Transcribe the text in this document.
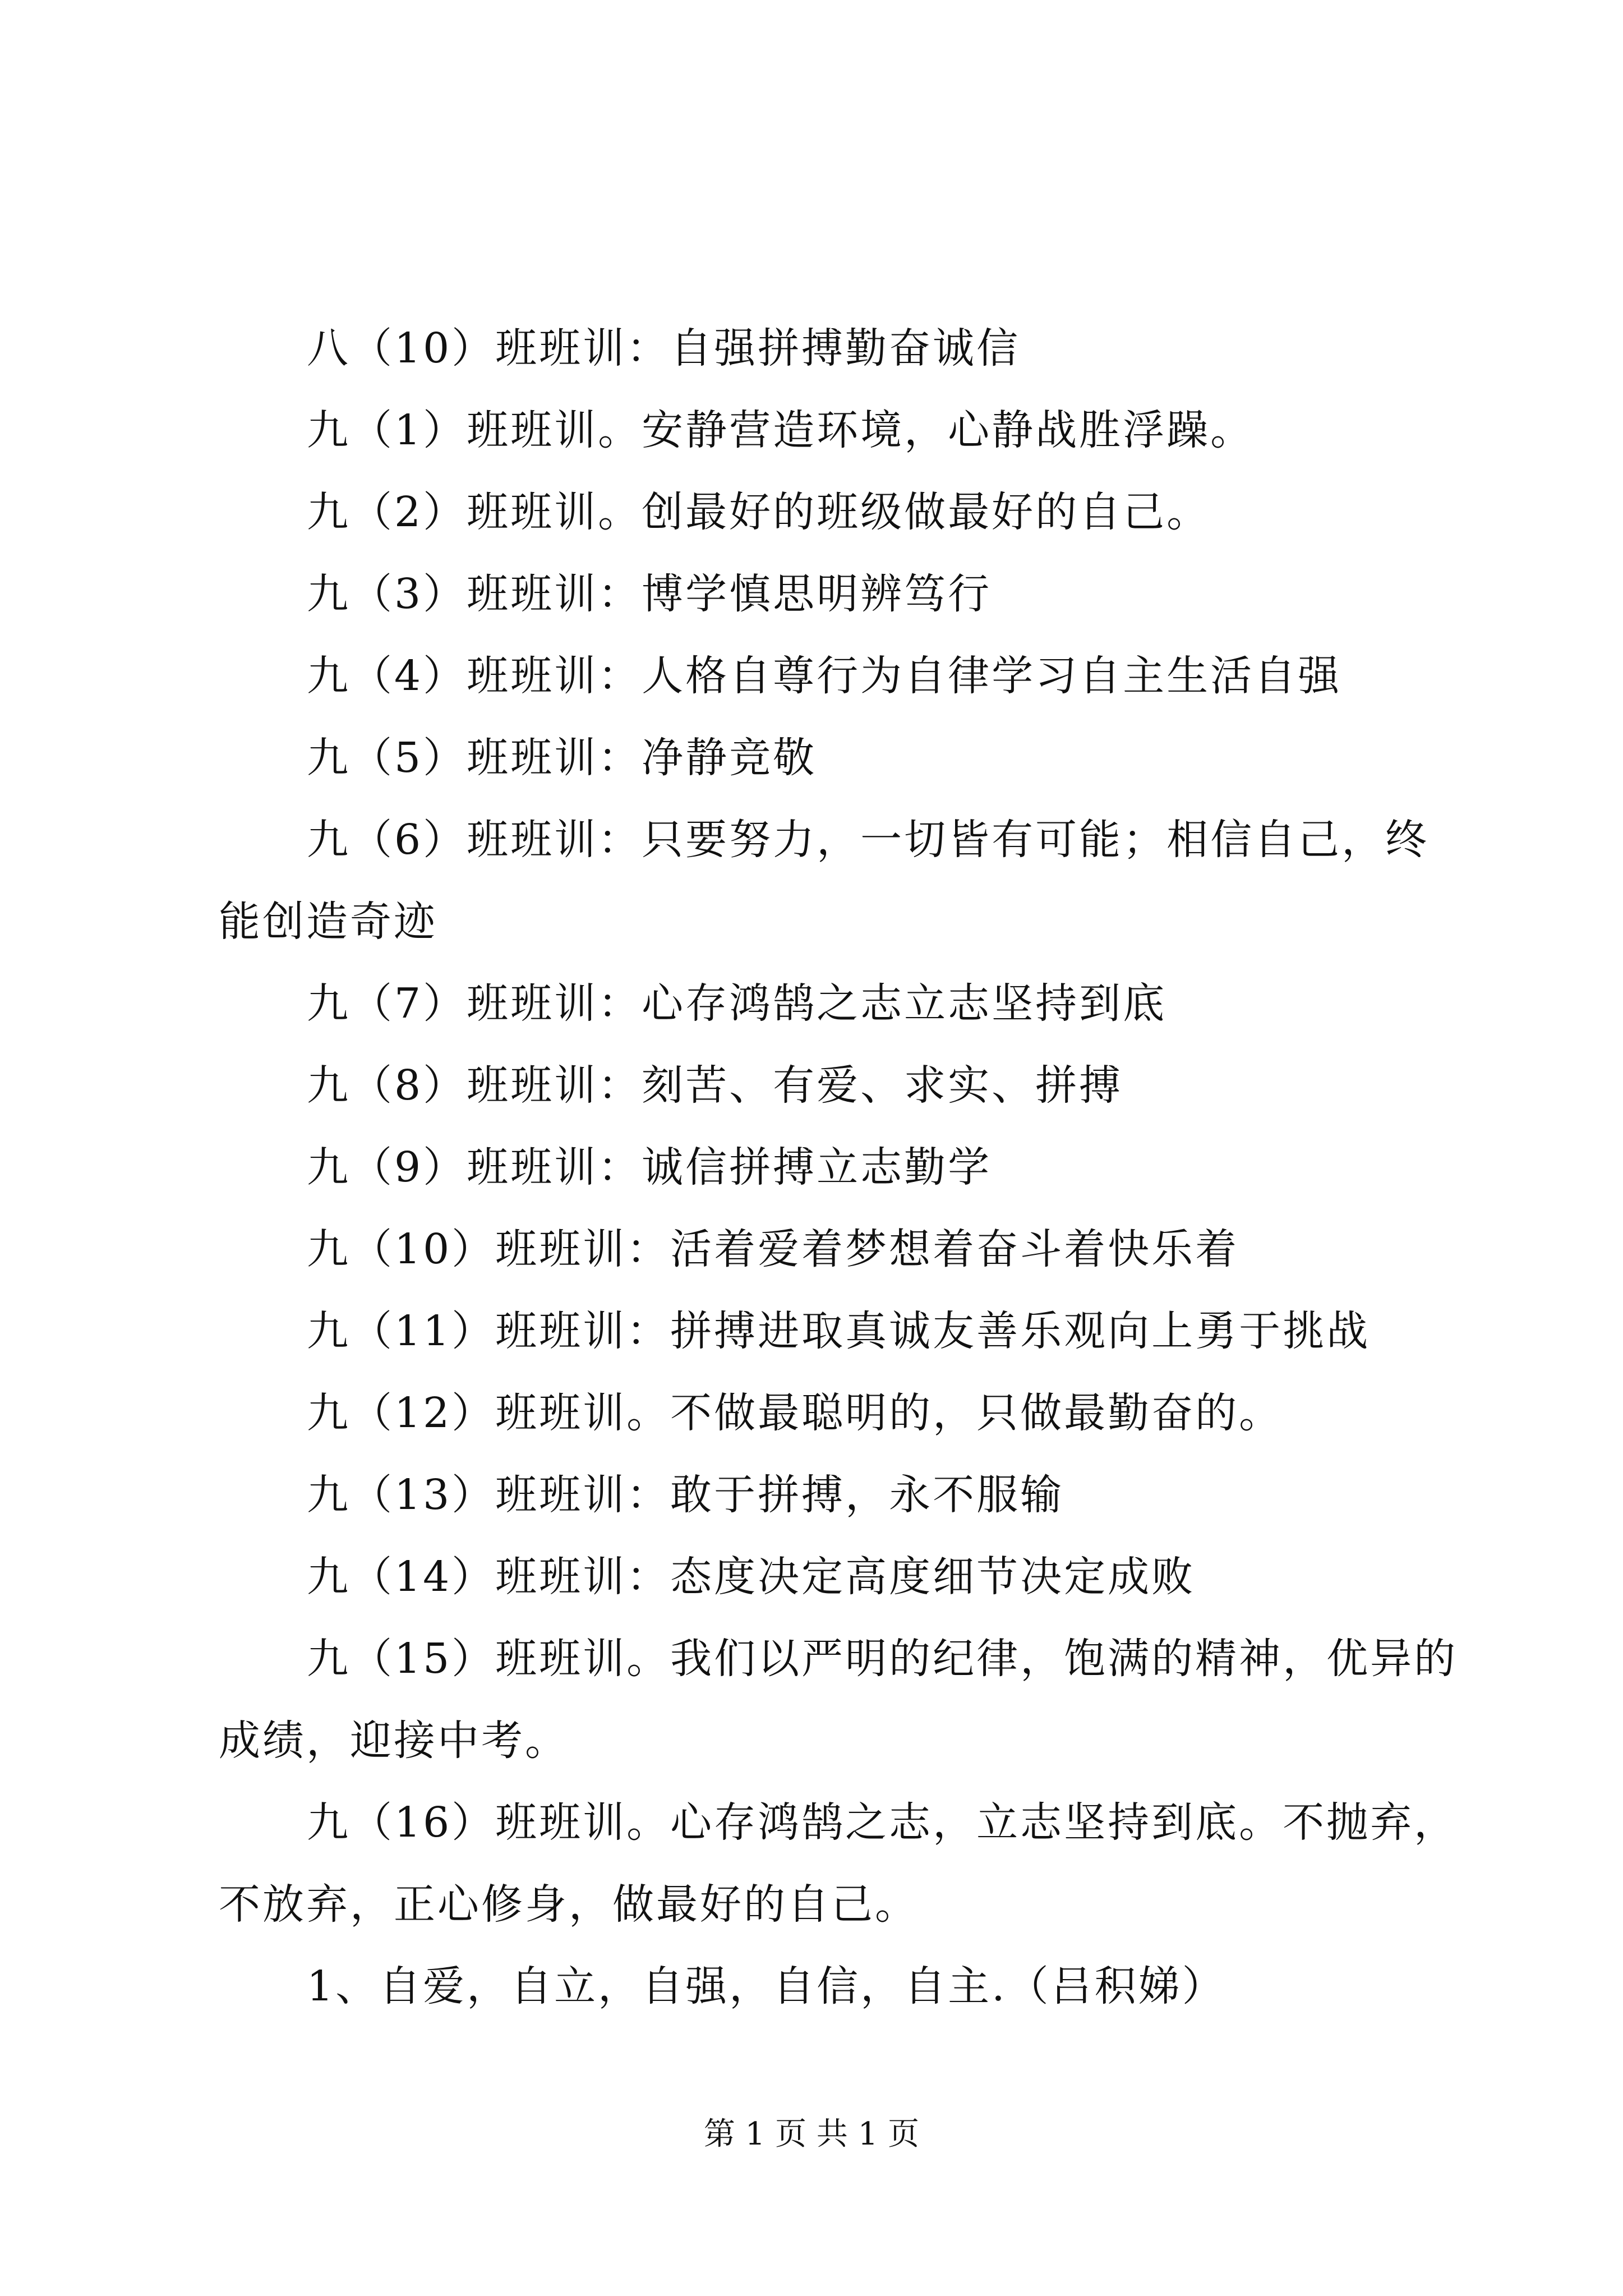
八（10）班班训：自强拼搏勤奋诚信

九（1）班班训。安静营造环境，心静战胜浮躁。

九（2）班班训。创最好的班级做最好的自己。

九（3）班班训：博学慎思明辨笃行

九（4）班班训：人格自尊行为自律学习自主生活自强

九（5）班班训：净静竞敬

九（6）班班训：只要努力，一切皆有可能；相信自己，终能创造奇迹

九（7）班班训：心存鸿鹄之志立志坚持到底

九（8）班班训：刻苦、有爱、求实、拼搏

九（9）班班训：诚信拼搏立志勤学

九（10）班班训：活着爱着梦想着奋斗着快乐着

九（11）班班训：拼搏进取真诚友善乐观向上勇于挑战

九（12）班班训。不做最聪明的，只做最勤奋的。

九（13）班班训：敢于拼搏，永不服输

九（14）班班训：态度决定高度细节决定成败

九（15）班班训。我们以严明的纪律，饱满的精神，优异的成绩，迎接中考。

九（16）班班训。心存鸿鹄之志，立志坚持到底。不抛弃，不放弃，正心修身，做最好的自己。

1、自爱，自立，自强，自信，自主.（吕积娣）

第 1 页 共 1 页
